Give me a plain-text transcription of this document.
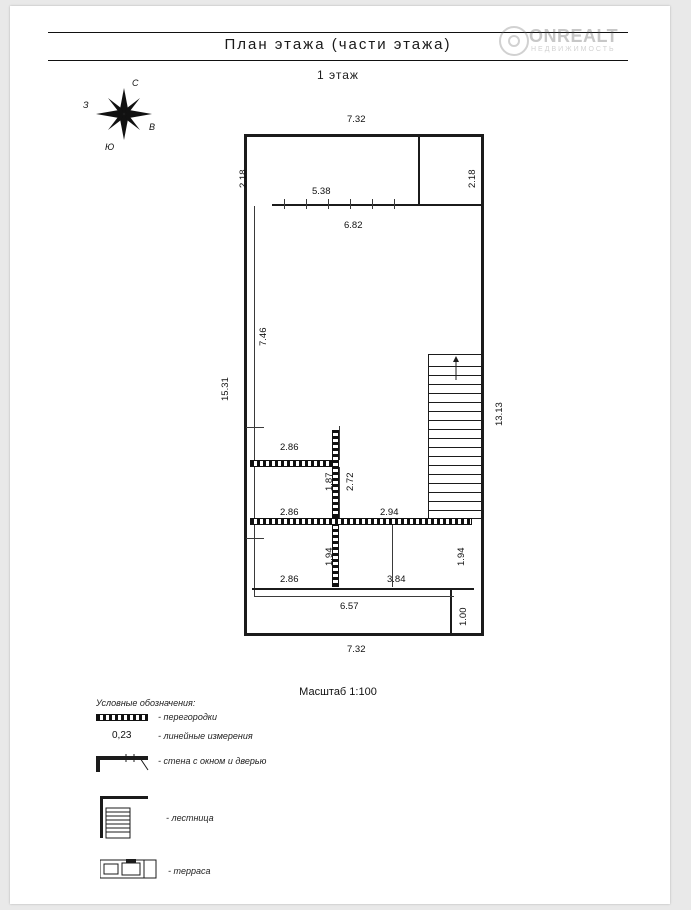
План этажа (части этажа)
1 этаж
ONREALT
НЕДВИЖИМОСТЬ
С
З
В
Ю
7.32
2.18	2.18
5.38
6.82
7.46
15.31
13.13
2.86
2.72
1.87
2.86	2.94
1.94	1.94
2.86	3.84
6.57
1.00
7.32
Масштаб 1:100
Условные обозначения:
- перегородки
0,23	- линейные измерения
- стена с окном и дверью
- лестница
- терраса
